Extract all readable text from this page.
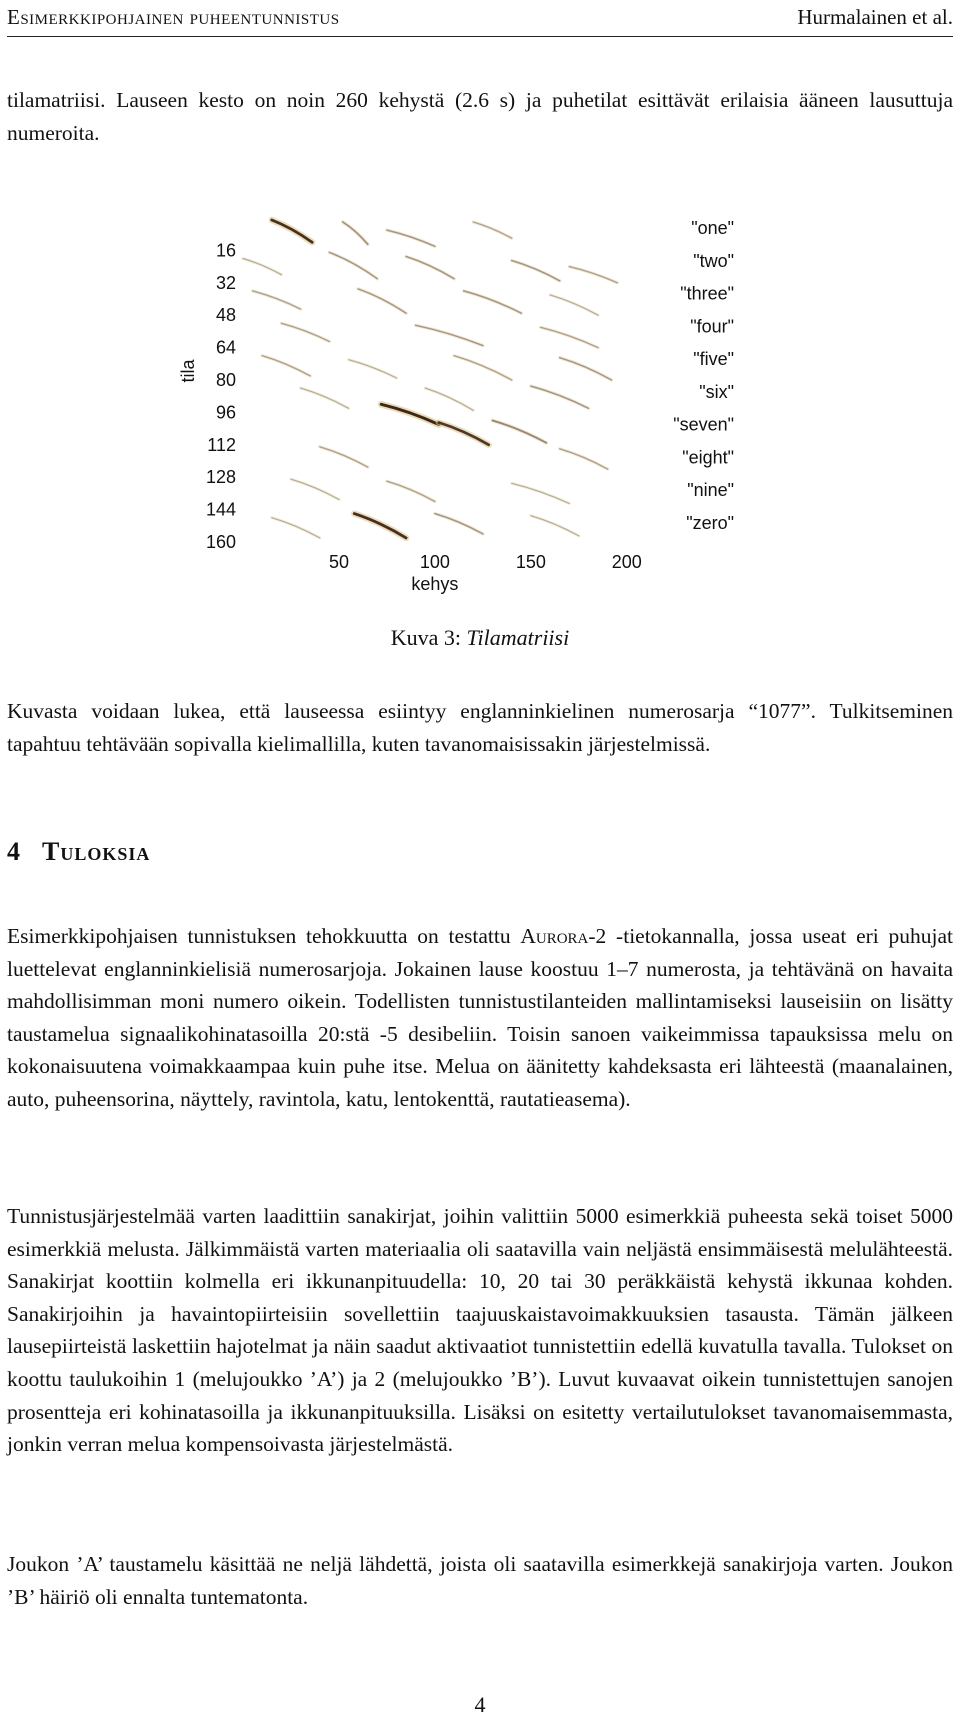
Esimerkkipohjainen puheentunnistus	Hurmalainen et al.

tilamatriisi. Lauseen kesto on noin 260 kehystä (2.6 s) ja puhetilat esittävät erilaisia ääneen lausuttuja numeroita.

16
32
48
64
80
96
112
128
144
160
"one"
"two"
"three"
"four"
"five"
"six"
"seven"
"eight"
"nine"
"zero"
50	100	150	200
kehys
tila
Kuva 3: Tilamatriisi

Kuvasta voidaan lukea, että lauseessa esiintyy englanninkielinen numerosarja “1077”. Tulkitseminen tapahtuu tehtävään sopivalla kielimallilla, kuten tavanomaisissakin järjestelmissä.

4 Tuloksia

Esimerkkipohjaisen tunnistuksen tehokkuutta on testattu Aurora-2 -tietokannalla, jossa useat eri puhujat luettelevat englanninkielisiä numerosarjoja. Jokainen lause koostuu 1–7 numerosta, ja tehtävänä on havaita mahdollisimman moni numero oikein. Todellisten tunnistustilanteiden mallintamiseksi lauseisiin on lisätty taustamelua signaalikohinatasoilla 20:stä -5 desibeliin. Toisin sanoen vaikeimmissa tapauksissa melu on kokonaisuutena voimakkaampaa kuin puhe itse. Melua on äänitetty kahdeksasta eri lähteestä (maanalainen, auto, puheensorina, näyttely, ravintola, katu, lentokenttä, rautatieasema).

Tunnistusjärjestelmää varten laadittiin sanakirjat, joihin valittiin 5000 esimerkkiä puheesta sekä toiset 5000 esimerkkiä melusta. Jälkimmäistä varten materiaalia oli saatavilla vain neljästä ensimmäisestä melulähteestä. Sanakirjat koottiin kolmella eri ikkunanpituudella: 10, 20 tai 30 peräkkäistä kehystä ikkunaa kohden. Sanakirjoihin ja havaintopiirteisiin sovellettiin taajuuskaistavoimakkuuksien tasausta. Tämän jälkeen lausepiirteistä laskettiin hajotelmat ja näin saadut aktivaatiot tunnistettiin edellä kuvatulla tavalla. Tulokset on koottu taulukoihin 1 (melujoukko ’A’) ja 2 (melujoukko ’B’). Luvut kuvaavat oikein tunnistettujen sanojen prosentteja eri kohinatasoilla ja ikkunanpituuksilla. Lisäksi on esitetty vertailutulokset tavanomaisemmasta, jonkin verran melua kompensoivasta järjestelmästä.

Joukon ’A’ taustamelu käsittää ne neljä lähdettä, joista oli saatavilla esimerkkejä sanakirjoja varten. Joukon ’B’ häiriö oli ennalta tuntematonta.

4
